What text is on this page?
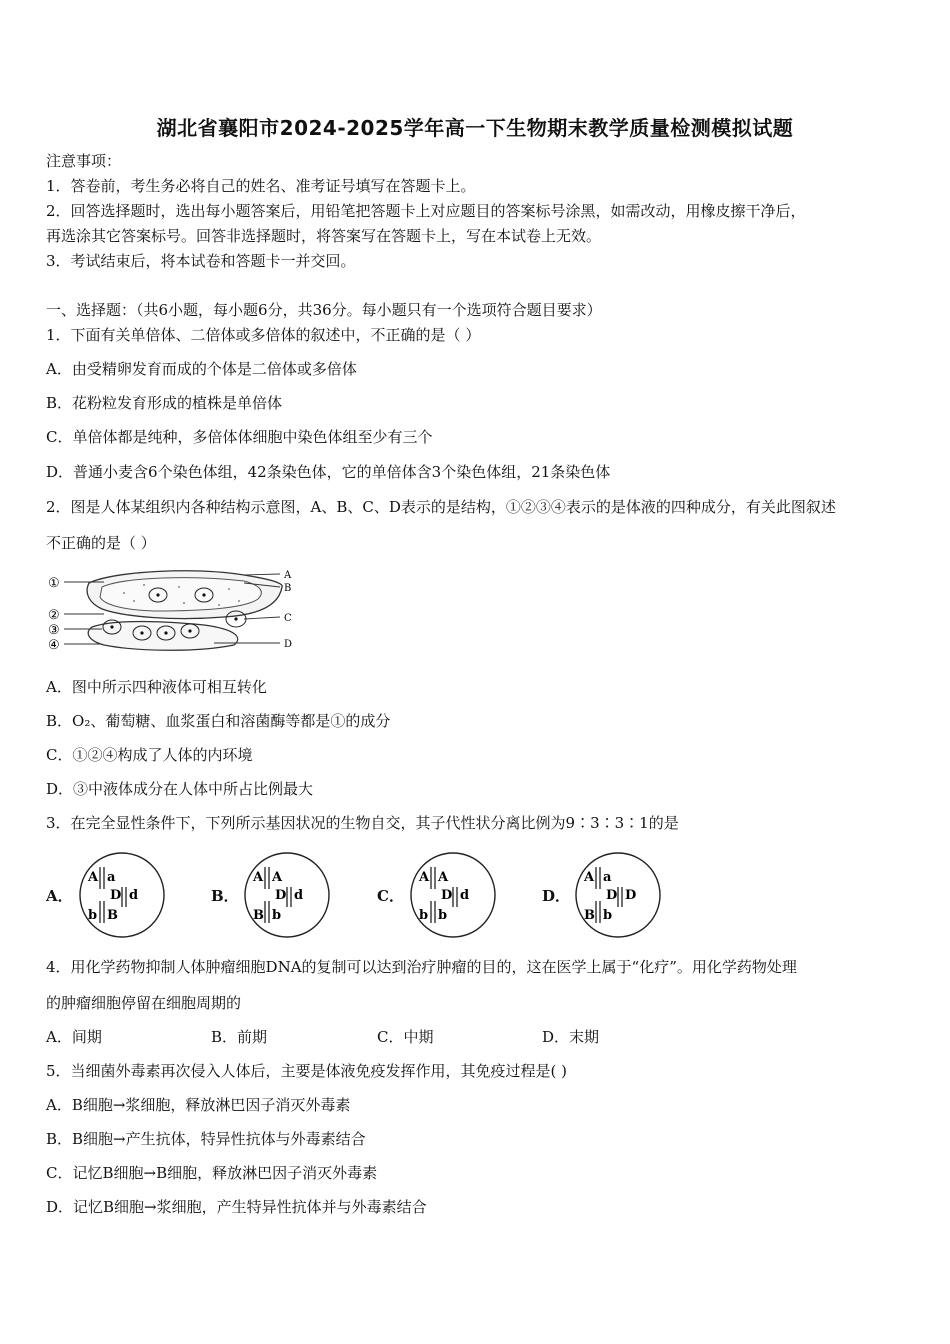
湖北省襄阳市2024-2025学年高一下生物期末教学质量检测模拟试题
注意事项：
1．答卷前，考生务必将自己的姓名、准考证号填写在答题卡上。
2．回答选择题时，选出每小题答案后，用铅笔把答题卡上对应题目的答案标号涂黑，如需改动，用橡皮擦干净后，
再选涂其它答案标号。回答非选择题时，将答案写在答题卡上，写在本试卷上无效。
3．考试结束后，将本试卷和答题卡一并交回。
一、选择题：（共6小题，每小题6分，共36分。每小题只有一个选项符合题目要求）
1．下面有关单倍体、二倍体或多倍体的叙述中，不正确的是（ ）
A．由受精卵发育而成的个体是二倍体或多倍体
B．花粉粒发育形成的植株是单倍体
C．单倍体都是纯种，多倍体体细胞中染色体组至少有三个
D．普通小麦含6个染色体组，42条染色体，它的单倍体含3个染色体组，21条染色体
2．图是人体某组织内各种结构示意图，A、B、C、D表示的是结构，①②③④表示的是体液的四种成分，有关此图叙述
不正确的是（ ）
①
②
③
④
A
B
C
D
A．图中所示四种液体可相互转化
B．O₂、葡萄糖、血浆蛋白和溶菌酶等都是①的成分
C．①②④构成了人体的内环境
D．③中液体成分在人体中所占比例最大
3．在完全显性条件下，下列所示基因状况的生物自交，其子代性状分离比例为9∶3∶3∶1的是
A．
A a
D d
b B
B．
A A
D d
B b
C．
A A
D d
b b
D．
A a
D D
B b
4．用化学药物抑制人体肿瘤细胞DNA的复制可以达到治疗肿瘤的目的，这在医学上属于“化疗”。用化学药物处理
的肿瘤细胞停留在细胞周期的
A．间期	B．前期	C．中期	D．末期
5．当细菌外毒素再次侵入人体后，主要是体液免疫发挥作用，其免疫过程是( )
A．B细胞→浆细胞，释放淋巴因子消灭外毒素
B．B细胞→产生抗体，特异性抗体与外毒素结合
C．记忆B细胞→B细胞，释放淋巴因子消灭外毒素
D．记忆B细胞→浆细胞，产生特异性抗体并与外毒素结合
